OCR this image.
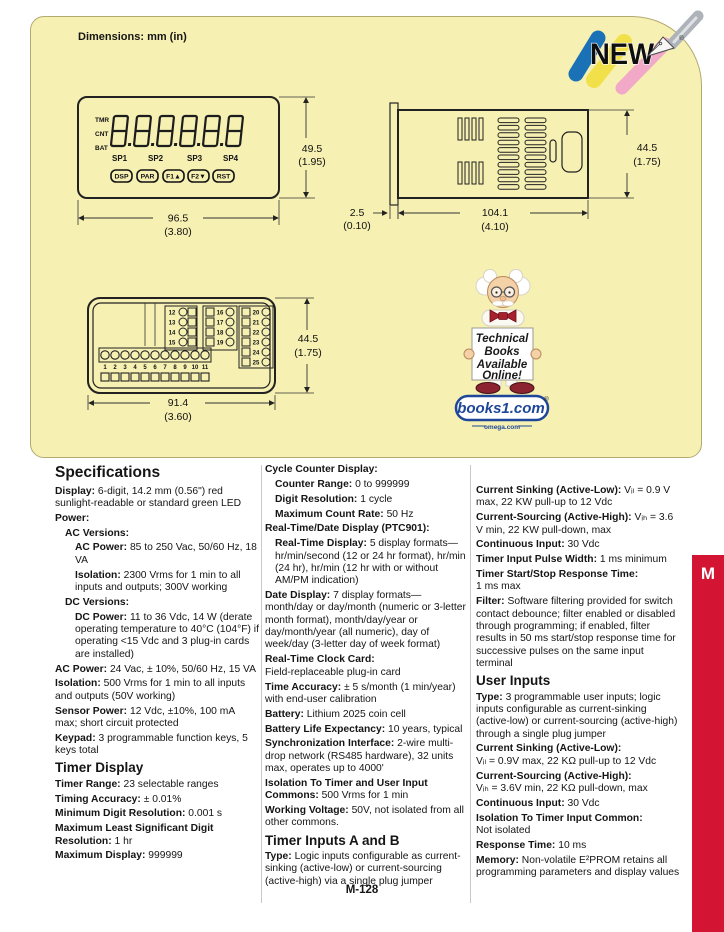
Dimensions: mm (in)
TMR
CNT
BAT
SP1	SP2	SP3	SP4
DSP PAR F1▲ F2▼ RST
49.5
(1.95)
96.5
(3.80)
44.5
(1.75)
104.1
(4.10)
2.5
(0.10)
12
13
14
15
16
17
18
19
20
21
22
23
24
25
1 2 3 4 5 6 7 8 9 10 11
44.5
(1.75)
91.4
(3.60)
Technical
Books
Available
Online!
books1.com
®
omega.com
NEW	®
Specifications

Display: 6-digit, 14.2 mm (0.56") red sunlight-readable or standard green LED

Power:

AC Versions:

AC Power: 85 to 250 Vac, 50/60 Hz, 18 VA

Isolation: 2300 Vrms for 1 min to all inputs and outputs; 300V working

DC Versions:

DC Power: 11 to 36 Vdc, 14 W (derate operating temperature to 40°C (104°F) if operating <15 Vdc and 3 plug-in cards are installed)

AC Power: 24 Vac, ± 10%, 50/60 Hz, 15 VA

Isolation: 500 Vrms for 1 min to all inputs and outputs (50V working)

Sensor Power: 12 Vdc, ±10%, 100 mA max; short circuit protected

Keypad: 3 programmable function keys, 5 keys total

Timer Display

Timer Range: 23 selectable ranges

Timing Accuracy: ± 0.01%

Minimum Digit Resolution: 0.001 s

Maximum Least Significant Digit Resolution: 1 hr

Maximum Display: 999999

Cycle Counter Display:

Counter Range: 0 to 999999

Digit Resolution: 1 cycle

Maximum Count Rate: 50 Hz

Real-Time/Date Display (PTC901):

Real-Time Display: 5 display formats—hr/min/second (12 or 24 hr format), hr/min (24 hr), hr/min (12 hr with or without AM/PM indication)

Date Display: 7 display formats—month/day or day/month (numeric or 3-letter month format), month/day/year or day/month/year (all numeric), day of week/day (3-letter day of week format)

Real-Time Clock Card:
Field-replaceable plug-in card

Time Accuracy: ± 5 s/month (1 min/year) with end-user calibration

Battery: Lithium 2025 coin cell

Battery Life Expectancy: 10 years, typical

Synchronization Interface: 2-wire multi-drop network (RS485 hardware), 32 units max, operates up to 4000'

Isolation To Timer and User Input Commons: 500 Vrms for 1 min

Working Voltage: 50V, not isolated from all other commons.

Timer Inputs A and B

Type: Logic inputs configurable as current-sinking (active-low) or current-sourcing (active-high) via a single plug jumper

Current Sinking (Active-Low): Vᵢₗ = 0.9 V max, 22 KW pull-up to 12 Vdc

Current-Sourcing (Active-High): Vᵢₕ = 3.6 V min, 22 KW pull-down, max

Continuous Input: 30 Vdc

Timer Input Pulse Width: 1 ms minimum

Timer Start/Stop Response Time:
1 ms max

Filter: Software filtering provided for switch contact debounce; filter enabled or disabled through programming; if enabled, filter results in 50 ms start/stop response time for successive pulses on the same input terminal

User Inputs

Type: 3 programmable user inputs; logic inputs configurable as current-sinking (active-low) or current-sourcing (active-high) through a single plug jumper

Current Sinking (Active-Low):
Vᵢₗ = 0.9V max, 22 KΩ pull-up to 12 Vdc

Current-Sourcing (Active-High):
Vᵢₕ = 3.6V min, 22 KΩ pull-down, max

Continuous Input: 30 Vdc

Isolation To Timer Input Common:
Not isolated

Response Time: 10 ms

Memory: Non-volatile E²PROM retains all programming parameters and display values

M
M-128
